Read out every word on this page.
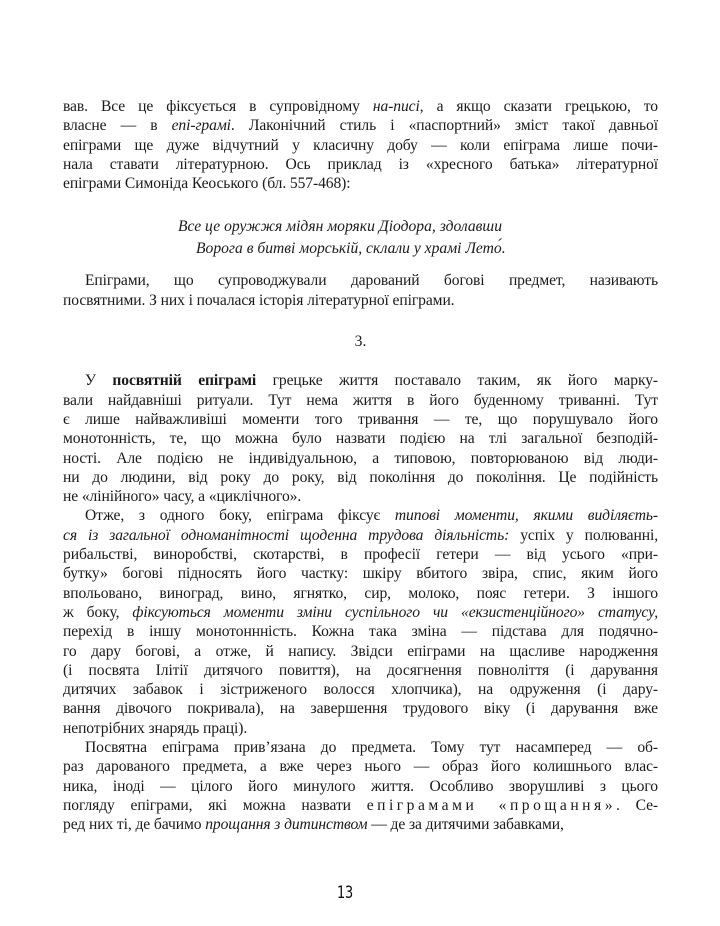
вав. Все це фіксується в супровідному на-писі, а якщо сказати грецькою, то
власне — в епі-грамі. Лаконічний стиль і «паспортний» зміст такої давньої
епіграми ще дуже відчутний у класичну добу — коли епіграма лише почи-
нала ставати літературною. Ось приклад із «хресного батька» літературної
епіграми Симоніда Кеоського (бл. 557-468):
Все це оружжя мідян моряки Діодора, здолавши
Ворога в битві морській, склали у храмі Лето́.
Епіграми, що супроводжували дарований богові предмет, називають
посвятними. З них і почалася історія літературної епіграми.
3.
У посвятній епіграмі грецьке життя поставало таким, як його марку-
вали найдавніші ритуали. Тут нема життя в його буденному триванні. Тут
є лише найважливіші моменти того тривання — те, що порушувало його
монотонність, те, що можна було назвати подією на тлі загальної безподій-
ності. Але подією не індивідуальною, а типовою, повторюваною від люди-
ни до людини, від року до року, від покоління до покоління. Це подійність
не «лінійного» часу, а «циклічного».
Отже, з одного боку, епіграма фіксує типові моменти, якими виділяєть-
ся із загальної одноманітності щоденна трудова діяльність: успіх у полюванні,
рибальстві, виноробстві, скотарстві, в професії гетери — від усього «при-
бутку» богові підносять його частку: шкіру вбитого звіра, спис, яким його
впольовано, виноград, вино, ягнятко, сир, молоко, пояс гетери. З іншого
ж боку, фіксуються моменти зміни суспільного чи «екзистенційного» статусу,
перехід в іншу монотоннність. Кожна така зміна — підстава для подячно-
го дару богові, а отже, й напису. Звідси епіграми на щасливе народження
(і посвята Ілітії дитячого повиття), на досягнення повноліття (і дарування
дитячих забавок і зістриженого волосся хлопчика), на одруження (і дару-
вання дівочого покривала), на завершення трудового віку (і дарування вже
непотрібних знарядь праці).
Посвятна епіграма прив’язана до предмета. Тому тут насамперед — об-
раз дарованого предмета, а вже через нього — образ його колишнього влас-
ника, іноді — цілого його минулого життя. Особливо зворушливі з цього
погляду епіграми, які можна назвати епіграмами «прощання». Се-
ред них ті, де бачимо прощання з дитинством — де за дитячими забавками,
13
